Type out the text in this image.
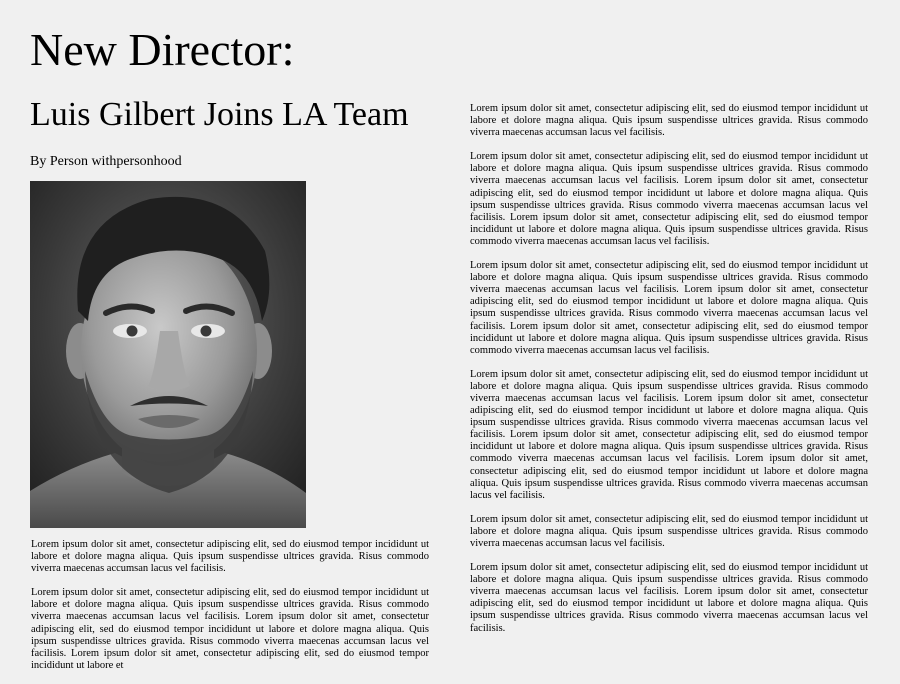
New Director:
Luis Gilbert Joins LA Team

By Person withpersonhood

Lorem ipsum dolor sit amet, consectetur adipiscing elit, sed do eiusmod tempor incididunt ut labore et dolore magna aliqua. Quis ipsum suspendisse ultrices gravida. Risus commodo viverra maecenas accumsan lacus vel facilisis.

Lorem ipsum dolor sit amet, consectetur adipiscing elit, sed do eiusmod tempor incididunt ut labore et dolore magna aliqua. Quis ipsum suspendisse ultrices gravida. Risus commodo viverra maecenas accumsan lacus vel facilisis. Lorem ipsum dolor sit amet, consectetur adipiscing elit, sed do eiusmod tempor incididunt ut labore et dolore magna aliqua. Quis ipsum suspendisse ultrices gravida. Risus commodo viverra maecenas accumsan lacus vel facilisis. Lorem ipsum dolor sit amet, consectetur adipiscing elit, sed do eiusmod tempor incididunt ut labore et

Lorem ipsum dolor sit amet, consectetur adipiscing elit, sed do eiusmod tempor incididunt ut labore et dolore magna aliqua. Quis ipsum suspendisse ultrices gravida. Risus commodo viverra maecenas accumsan lacus vel facilisis.

Lorem ipsum dolor sit amet, consectetur adipiscing elit, sed do eiusmod tempor incididunt ut labore et dolore magna aliqua. Quis ipsum suspendisse ultrices gravida. Risus commodo viverra maecenas accumsan lacus vel facilisis. Lorem ipsum dolor sit amet, consectetur adipiscing elit, sed do eiusmod tempor incididunt ut labore et dolore magna aliqua. Quis ipsum suspendisse ultrices gravida. Risus commodo viverra maecenas accumsan lacus vel facilisis. Lorem ipsum dolor sit amet, consectetur adipiscing elit, sed do eiusmod tempor incididunt ut labore et dolore magna aliqua. Quis ipsum suspendisse ultrices gravida. Risus commodo viverra maecenas accumsan lacus vel facilisis.

Lorem ipsum dolor sit amet, consectetur adipiscing elit, sed do eiusmod tempor incididunt ut labore et dolore magna aliqua. Quis ipsum suspendisse ultrices gravida. Risus commodo viverra maecenas accumsan lacus vel facilisis. Lorem ipsum dolor sit amet, consectetur adipiscing elit, sed do eiusmod tempor incididunt ut labore et dolore magna aliqua. Quis ipsum suspendisse ultrices gravida. Risus commodo viverra maecenas accumsan lacus vel facilisis. Lorem ipsum dolor sit amet, consectetur adipiscing elit, sed do eiusmod tempor incididunt ut labore et dolore magna aliqua. Quis ipsum suspendisse ultrices gravida. Risus commodo viverra maecenas accumsan lacus vel facilisis.

Lorem ipsum dolor sit amet, consectetur adipiscing elit, sed do eiusmod tempor incididunt ut labore et dolore magna aliqua. Quis ipsum suspendisse ultrices gravida. Risus commodo viverra maecenas accumsan lacus vel facilisis. Lorem ipsum dolor sit amet, consectetur adipiscing elit, sed do eiusmod tempor incididunt ut labore et dolore magna aliqua. Quis ipsum suspendisse ultrices gravida. Risus commodo viverra maecenas accumsan lacus vel facilisis. Lorem ipsum dolor sit amet, consectetur adipiscing elit, sed do eiusmod tempor incididunt ut labore et dolore magna aliqua. Quis ipsum suspendisse ultrices gravida. Risus commodo viverra maecenas accumsan lacus vel facilisis. Lorem ipsum dolor sit amet, consectetur adipiscing elit, sed do eiusmod tempor incididunt ut labore et dolore magna aliqua. Quis ipsum suspendisse ultrices gravida. Risus commodo viverra maecenas accumsan lacus vel facilisis.

Lorem ipsum dolor sit amet, consectetur adipiscing elit, sed do eiusmod tempor incididunt ut labore et dolore magna aliqua. Quis ipsum suspendisse ultrices gravida. Risus commodo viverra maecenas accumsan lacus vel facilisis.

Lorem ipsum dolor sit amet, consectetur adipiscing elit, sed do eiusmod tempor incididunt ut labore et dolore magna aliqua. Quis ipsum suspendisse ultrices gravida. Risus commodo viverra maecenas accumsan lacus vel facilisis. Lorem ipsum dolor sit amet, consectetur adipiscing elit, sed do eiusmod tempor incididunt ut labore et dolore magna aliqua. Quis ipsum suspendisse ultrices gravida. Risus commodo viverra maecenas accumsan lacus vel facilisis.
